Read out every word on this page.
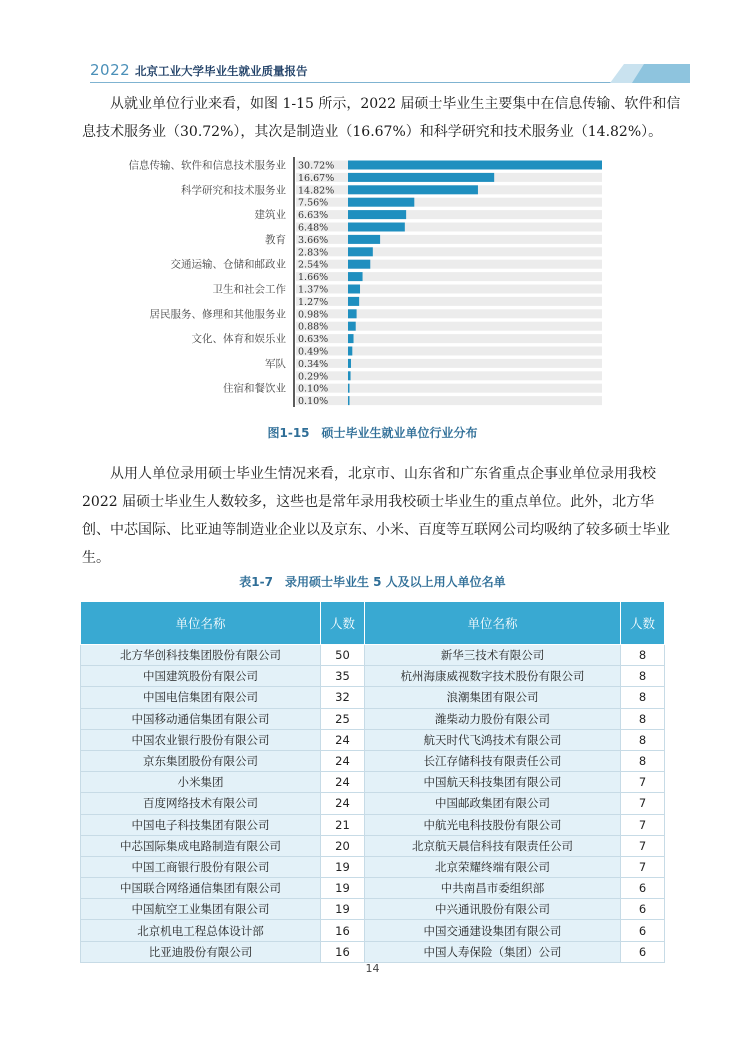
2022 北京工业大学毕业生就业质量报告

从就业单位行业来看，如图 1-15 所示，2022 届硕士毕业生主要集中在信息传输、软件和信息技术服务业（30.72%），其次是制造业（16.67%）和科学研究和技术服务业（14.82%）。

30.72%
16.67%
14.82%
7.56%
6.63%
6.48%
3.66%
2.83%
2.54%
1.66%
1.37%
1.27%
0.98%
0.88%
0.63%
0.49%
0.34%
0.29%
0.10%
0.10%
信息传输、软件和信息技术服务业
科学研究和技术服务业
建筑业
教育
交通运输、仓储和邮政业
卫生和社会工作
居民服务、修理和其他服务业
文化、体育和娱乐业
军队
住宿和餐饮业
图1-15　硕士毕业生就业单位行业分布

从用人单位录用硕士毕业生情况来看，北京市、山东省和广东省重点企事业单位录用我校 2022 届硕士毕业生人数较多，这些也是常年录用我校硕士毕业生的重点单位。此外，北方华创、中芯国际、比亚迪等制造业企业以及京东、小米、百度等互联网公司均吸纳了较多硕士毕业生。

表1-7　录用硕士毕业生 5 人及以上用人单位名单
单位名称	人数	单位名称	人数
北方华创科技集团股份有限公司	50	新华三技术有限公司	8
中国建筑股份有限公司	35	杭州海康威视数字技术股份有限公司	8
中国电信集团有限公司	32	浪潮集团有限公司	8
中国移动通信集团有限公司	25	潍柴动力股份有限公司	8
中国农业银行股份有限公司	24	航天时代飞鸿技术有限公司	8
京东集团股份有限公司	24	长江存储科技有限责任公司	8
小米集团	24	中国航天科技集团有限公司	7
百度网络技术有限公司	24	中国邮政集团有限公司	7
中国电子科技集团有限公司	21	中航光电科技股份有限公司	7
中芯国际集成电路制造有限公司	20	北京航天晨信科技有限责任公司	7
中国工商银行股份有限公司	19	北京荣耀终端有限公司	7
中国联合网络通信集团有限公司	19	中共南昌市委组织部	6
中国航空工业集团有限公司	19	中兴通讯股份有限公司	6
北京机电工程总体设计部	16	中国交通建设集团有限公司	6
比亚迪股份有限公司	16	中国人寿保险（集团）公司	6
14
